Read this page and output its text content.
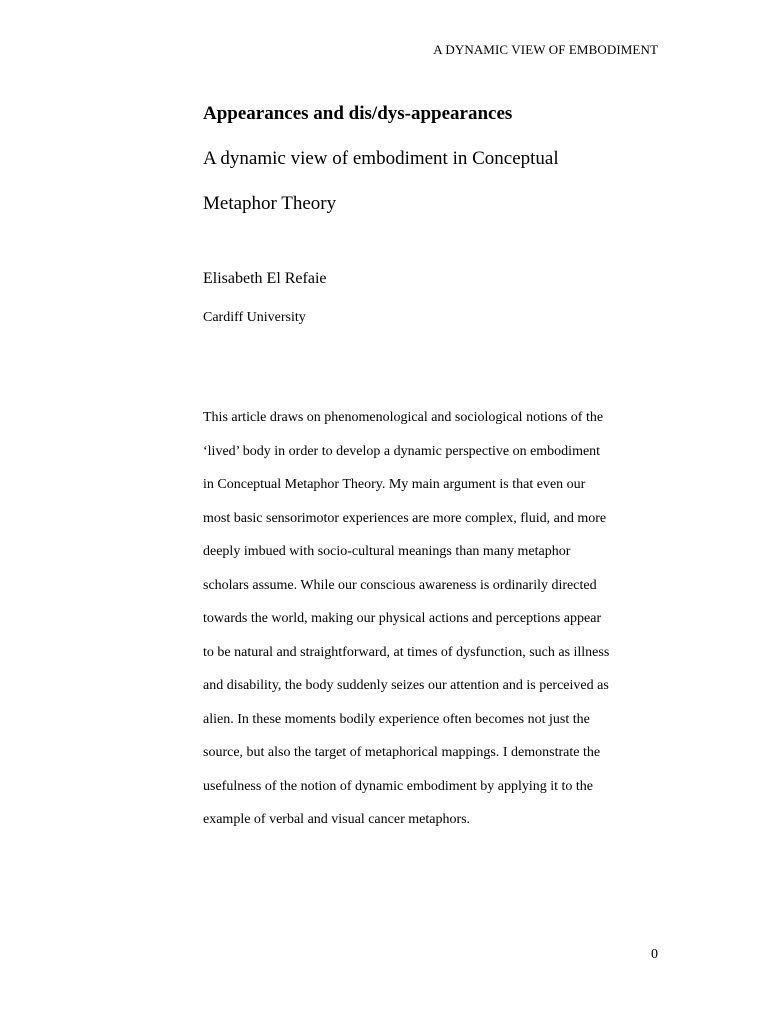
A DYNAMIC VIEW OF EMBODIMENT
Appearances and dis/dys-appearances
A dynamic view of embodiment in Conceptual
Metaphor Theory
Elisabeth El Refaie
Cardiff University
This article draws on phenomenological and sociological notions of the
‘lived’ body in order to develop a dynamic perspective on embodiment
in Conceptual Metaphor Theory. My main argument is that even our
most basic sensorimotor experiences are more complex, fluid, and more
deeply imbued with socio-cultural meanings than many metaphor
scholars assume. While our conscious awareness is ordinarily directed
towards the world, making our physical actions and perceptions appear
to be natural and straightforward, at times of dysfunction, such as illness
and disability, the body suddenly seizes our attention and is perceived as
alien. In these moments bodily experience often becomes not just the
source, but also the target of metaphorical mappings. I demonstrate the
usefulness of the notion of dynamic embodiment by applying it to the
example of verbal and visual cancer metaphors.
0
